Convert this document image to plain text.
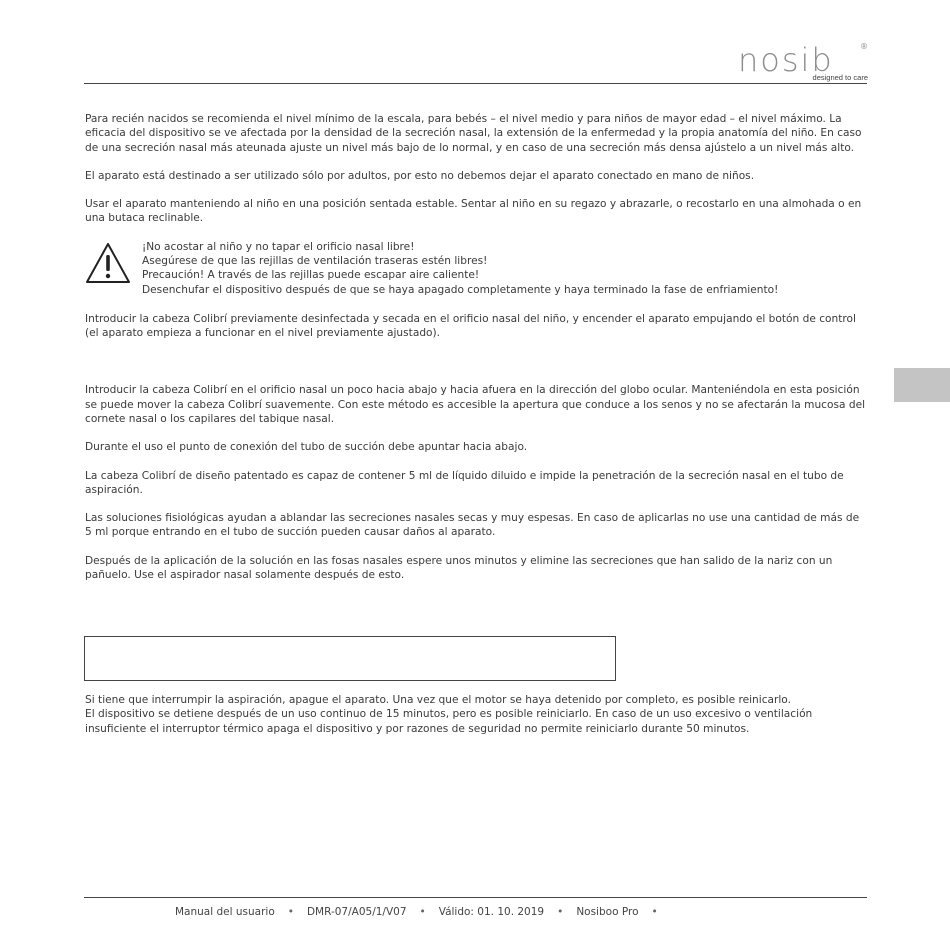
nosib	®
designed to care

Para recién nacidos se recomienda el nivel mínimo de la escala, para bebés – el nivel medio y para niños de mayor edad – el nivel máximo. La eficacia del dispositivo se ve afectada por la densidad de la secreción nasal, la extensión de la enfermedad y la propia anatomía del niño. En caso de una secreción nasal más ateunada ajuste un nivel más bajo de lo normal, y en caso de una secreción más densa ajústelo a un nivel más alto.

El aparato está destinado a ser utilizado sólo por adultos, por esto no debemos dejar el aparato conectado en mano de niños.

Usar el aparato manteniendo al niño en una posición sentada estable. Sentar al niño en su regazo y abrazarle, o recostarlo en una almohada o en una butaca reclinable.

¡No acostar al niño y no tapar el orificio nasal libre!
Asegúrese de que las rejillas de ventilación traseras estén libres!
Precaución! A través de las rejillas puede escapar aire caliente!
Desenchufar el dispositivo después de que se haya apagado completamente y haya terminado la fase de enfriamiento!

Introducir la cabeza Colibrí previamente desinfectada y secada en el orificio nasal del niño, y encender el aparato empujando el botón de control (el aparato empieza a funcionar en el nivel previamente ajustado).

Introducir la cabeza Colibrí en el orificio nasal un poco hacia abajo y hacia afuera en la dirección del globo ocular. Manteniéndola en esta posición se puede mover la cabeza Colibrí suavemente. Con este método es accesible la apertura que conduce a los senos y no se afectarán la mucosa del cornete nasal o los capilares del tabique nasal.

Durante el uso el punto de conexión del tubo de succión debe apuntar hacia abajo.

La cabeza Colibrí de diseño patentado es capaz de contener 5 ml de líquido diluido e impide la penetración de la secreción nasal en el tubo de aspiración.

Las soluciones fisiológicas ayudan a ablandar las secreciones nasales secas y muy espesas. En caso de aplicarlas no use una cantidad de más de 5 ml porque entrando en el tubo de succión pueden causar daños al aparato.

Después de la aplicación de la solución en las fosas nasales espere unos minutos y elimine las secreciones que han salido de la nariz con un pañuelo. Use el aspirador nasal solamente después de esto.

Si tiene que interrumpir la aspiración, apague el aparato. Una vez que el motor se haya detenido por completo, es posible reinicarlo.

El dispositivo se detiene después de un uso continuo de 15 minutos, pero es posible reiniciarlo. En caso de un uso excesivo o ventilación insuficiente el interruptor térmico apaga el dispositivo y por razones de seguridad no permite reiniciarlo durante 50 minutos.

Manual del usuario • DMR-07/A05/1/V07 • Válido: 01. 10. 2019 • Nosiboo Pro •
